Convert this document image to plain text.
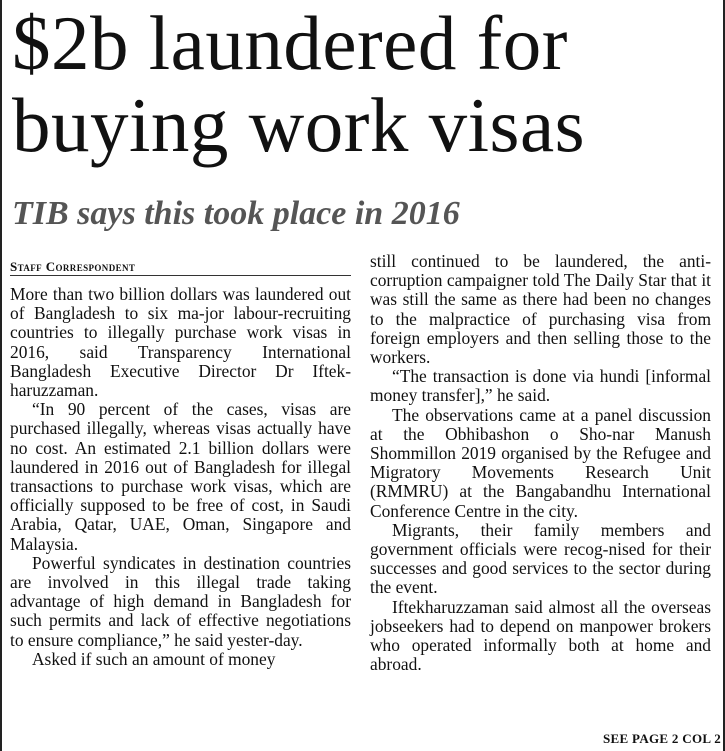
$2b laundered for buying work visas
TIB says this took place in 2016
Staff Correspondent

More than two billion dollars was laundered out of Bangladesh to six ma-jor labour-recruiting countries to illegally purchase work visas in 2016, said Transparency International Bangladesh Executive Director Dr Iftek-haruzzaman.

“In 90 percent of the cases, visas are purchased illegally, whereas visas actually have no cost. An estimated 2.1 billion dollars were laundered in 2016 out of Bangladesh for illegal transactions to purchase work visas, which are officially supposed to be free of cost, in Saudi Arabia, Qatar, UAE, Oman, Singapore and Malaysia.

Powerful syndicates in destination countries are involved in this illegal trade taking advantage of high demand in Bangladesh for such permits and lack of effective negotiations to ensure compliance,” he said yester-day.

Asked if such an amount of money

still continued to be laundered, the anti-corruption campaigner told The Daily Star that it was still the same as there had been no changes to the malpractice of purchasing visa from foreign employers and then selling those to the workers.

“The transaction is done via hundi [informal money transfer],” he said.

The observations came at a panel discussion at the Obhibashon o Sho-nar Manush Shommillon 2019 organised by the Refugee and Migratory Movements Research Unit (RMMRU) at the Bangabandhu International Conference Centre in the city.

Migrants, their family members and government officials were recog-nised for their successes and good services to the sector during the event.

Iftekharuzzaman said almost all the overseas jobseekers had to depend on manpower brokers who operated informally both at home and abroad.

SEE PAGE 2 COL 2
